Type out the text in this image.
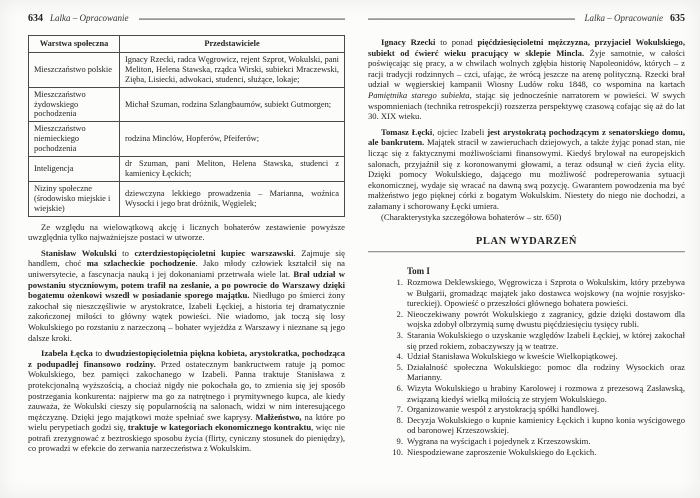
634 Lalka – Opracowanie
Warstwa społeczna	Przedstawiciele
Mieszczaństwo polskie	Ignacy Rzecki, radca Węgrowicz, rejent Szprot, Wokulski, pani Meliton, Helena Stawska, rządca Wirski, subiekci Mraczewski, Zięba, Lisiecki, adwokaci, studenci, służące, lokaje;
Mieszczaństwo żydowskiego pochodzenia	Michał Szuman, rodzina Szlangbaumów, subiekt Gutmorgen;
Mieszczaństwo niemieckiego pochodzenia	rodzina Minclów, Hopferów, Pfeiferów;
Inteligencja	dr Szuman, pani Meliton, Helena Stawska, studenci z kamienicy Łęckich;
Niziny społeczne (środowisko miejskie i wiejskie)	dziewczyna lekkiego prowadzenia – Marianna, woźnica Wysocki i jego brat dróżnik, Węgielek;

Ze względu na wielowątkową akcję i licznych bohaterów zestawienie powyższe uwzględnia tylko najważniejsze postaci w utworze.

Stanisław Wokulski to czterdziestopięcioletni kupiec warszawski. Zajmuje się handlem, choć ma szlacheckie pochodzenie. Jako młody człowiek kształcił się na uniwersytecie, a fascynacja nauką i jej dokonaniami przetrwała wiele lat. Brał udział w powstaniu styczniowym, potem trafił na zesłanie, a po powrocie do Warszawy dzięki bogatemu ożenkowi wszedł w posiadanie sporego majątku. Niedługo po śmierci żony zakochał się nieszczęśliwie w arystokratce, Izabeli Łęckiej, a historia tej dramatycznie zakończonej miłości to główny wątek powieści. Nie wiadomo, jak toczą się losy Wokulskiego po rozstaniu z narzeczoną – bohater wyjeżdża z Warszawy i nieznane są jego dalsze kroki.

Izabela Łęcka to dwudziestopięcioletnia piękna kobieta, arystokratka, pochodząca z podupadłej finansowo rodziny. Przed ostatecznym bankructwem ratuje ją pomoc Wokulskiego, bez pamięci zakochanego w Izabeli. Panna traktuje Stanisława z protekcjonalną wyższością, a chociaż nigdy nie pokochała go, to zmienia się jej sposób postrzegania konkurenta: najpierw ma go za natrętnego i prymitywnego kupca, ale kiedy zauważa, że Wokulski cieszy się popularnością na salonach, widzi w nim interesującego mężczyznę. Dzięki jego majątkowi może spełniać swe kaprysy. Małżeństwo, na które po wielu perypetiach godzi się, traktuje w kategoriach ekonomicznego kontraktu, więc nie potrafi zrezygnować z beztroskiego sposobu życia (flirty, cyniczny stosunek do pieniędzy), co prowadzi w efekcie do zerwania narzeczeństwa z Wokulskim.

Lalka – Opracowanie 635

Ignacy Rzecki to ponad pięćdziesięcioletni mężczyzna, przyjaciel Wokulskiego, subiekt od ćwierć wieku pracujący w sklepie Mincla. Żyje samotnie, w całości poświęcając się pracy, a w chwilach wolnych zgłębia historię Napoleonidów, których – z racji tradycji rodzinnych – czci, ufając, że wrócą jeszcze na arenę polityczną. Rzecki brał udział w węgierskiej kampanii Wiosny Ludów roku 1848, co wspomina na kartach Pamiętnika starego subiekta, stając się jednocześnie narratorem w powieści. W swych wspomnieniach (technika retrospekcji) rozszerza perspektywę czasową cofając się aż do lat 30. XIX wieku.

Tomasz Łęcki, ojciec Izabeli jest arystokratą pochodzącym z senatorskiego domu, ale bankrutem. Majątek stracił w zawieruchach dziejowych, a także żyjąc ponad stan, nie licząc się z faktycznymi możliwościami finansowymi. Kiedyś brylował na europejskich salonach, przyjaźnił się z koronowanymi głowami, a teraz odsunął w cień życia elity. Dzięki pomocy Wokulskiego, dającego mu możliwość podreperowania sytuacji ekonomicznej, wydaje się wracać na dawną swą pozycję. Gwarantem powodzenia ma być małżeństwo jego pięknej córki z bogatym Wokulskim. Niestety do niego nie dochodzi, a załamany i schorowany Łęcki umiera.

(Charakterystyka szczegółowa bohaterów – str. 650)

PLAN WYDARZEŃ
Tom I
1. Rozmowa Deklewskiego, Węgrowicza i Szprota o Wokulskim, który przebywa w Bułgarii, gromadząc majątek jako dostawca wojskowy (na wojnie rosyjsko-tureckiej). Opowieść o przeszłości głównego bohatera powieści.
2. Nieoczekiwany powrót Wokulskiego z zagranicy, gdzie dzięki dostawom dla wojska zdobył olbrzymią sumę dwustu pięćdziesięciu tysięcy rubli.
3. Starania Wokulskiego o uzyskanie względów Izabeli Łęckiej, w której zakochał się przed rokiem, zobaczywszy ją w teatrze.
4. Udział Stanisława Wokulskiego w kweście Wielkopiątkowej.
5. Działalność społeczna Wokulskiego: pomoc dla rodziny Wysockich oraz Marianny.
6. Wizyta Wokulskiego u hrabiny Karolowej i rozmowa z prezesową Zasławską, związaną kiedyś wielką miłością ze stryjem Wokulskiego.
7. Organizowanie wespół z arystokracją spółki handlowej.
8. Decyzja Wokulskiego o kupnie kamienicy Łęckich i kupno konia wyścigowego od baronowej Krzeszowskiej.
9. Wygrana na wyścigach i pojedynek z Krzeszowskim.
10. Niespodziewane zaproszenie Wokulskiego do Łęckich.
